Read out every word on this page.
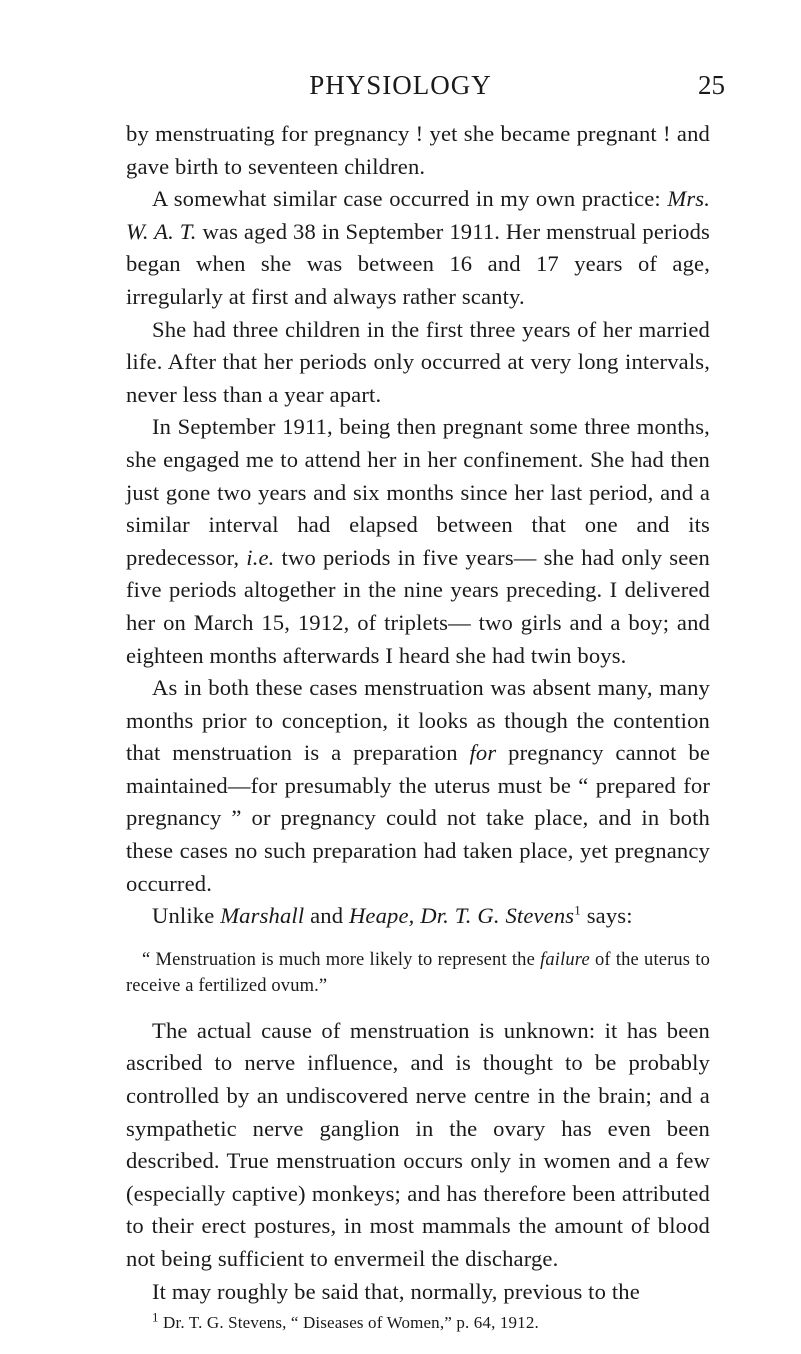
PHYSIOLOGY	25

by menstruating for pregnancy ! yet she became pregnant ! and gave birth to seventeen children.

A somewhat similar case occurred in my own practice: Mrs. W. A. T. was aged 38 in September 1911. Her menstrual periods began when she was between 16 and 17 years of age, irregularly at first and always rather scanty.

She had three children in the first three years of her married life. After that her periods only occurred at very long intervals, never less than a year apart.

In September 1911, being then pregnant some three months, she engaged me to attend her in her confinement. She had then just gone two years and six months since her last period, and a similar interval had elapsed between that one and its predecessor, i.e. two periods in five years— she had only seen five periods altogether in the nine years preceding. I delivered her on March 15, 1912, of triplets— two girls and a boy; and eighteen months afterwards I heard she had twin boys.

As in both these cases menstruation was absent many, many months prior to conception, it looks as though the contention that menstruation is a preparation for pregnancy cannot be maintained—for presumably the uterus must be “ prepared for pregnancy ” or pregnancy could not take place, and in both these cases no such preparation had taken place, yet pregnancy occurred.

Unlike Marshall and Heape, Dr. T. G. Stevens$^1$ says:

“ Menstruation is much more likely to represent the failure of the uterus to receive a fertilized ovum.”

The actual cause of menstruation is unknown: it has been ascribed to nerve influence, and is thought to be probably controlled by an undiscovered nerve centre in the brain; and a sympathetic nerve ganglion in the ovary has even been described. True menstruation occurs only in women and a few (especially captive) monkeys; and has therefore been attributed to their erect postures, in most mammals the amount of blood not being sufficient to envermeil the discharge.

It may roughly be said that, normally, previous to the

$^1$ Dr. T. G. Stevens, “ Diseases of Women,” p. 64, 1912.
